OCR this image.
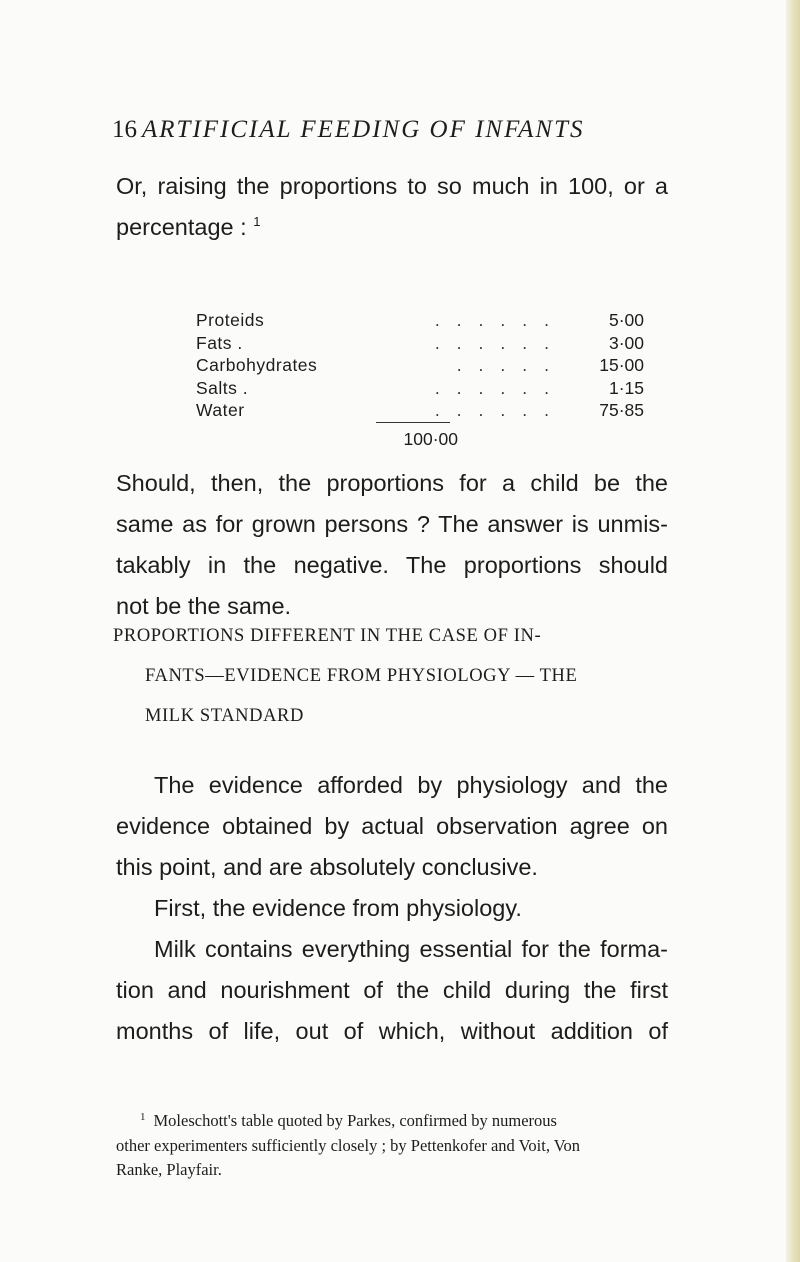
16 ARTIFICIAL FEEDING OF INFANTS

Or, raising the proportions to so much in 100, or a
percentage : $^1$

Proteids	......	5·00
Fats .	......	3·00
Carbohydrates	.....	15·00
Salts .	......	1·15
Water	......	75·85
100·00

Should, then, the proportions for a child be the
same as for grown persons ? The answer is unmis-
takably in the negative. The proportions should
not be the same.

PROPORTIONS DIFFERENT IN THE CASE OF IN-
FANTS—EVIDENCE FROM PHYSIOLOGY — THE
MILK STANDARD

The evidence afforded by physiology and the
evidence obtained by actual observation agree on
this point, and are absolutely conclusive.

First, the evidence from physiology.

Milk contains everything essential for the forma-
tion and nourishment of the child during the first
months of life, out of which, without addition of

$^1$ Moleschott's table quoted by Parkes, confirmed by numerous
other experimenters sufficiently closely ; by Pettenkofer and Voit, Von
Ranke, Playfair.
